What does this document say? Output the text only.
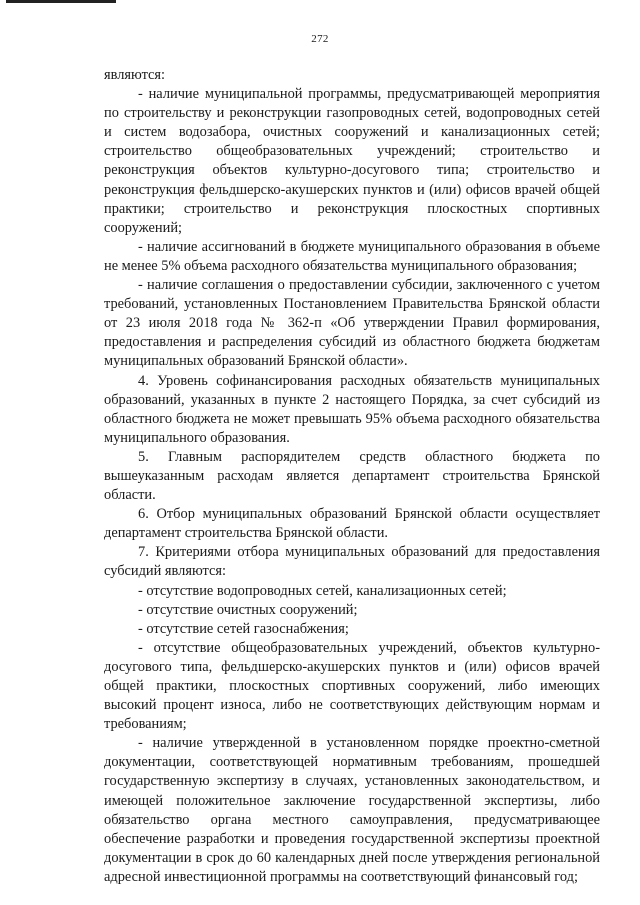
272

являются:

- наличие муниципальной программы, предусматривающей мероприятия по строительству и реконструкции газопроводных сетей, водопроводных сетей и систем водозабора, очистных сооружений и канализационных сетей; строительство общеобразовательных учреждений; строительство и реконструкция объектов культурно-досугового типа; строительство и реконструкция фельдшерско-акушерских пунктов и (или) офисов врачей общей практики; строительство и реконструкция плоскостных спортивных сооружений;

- наличие ассигнований в бюджете муниципального образования в объеме не менее 5% объема расходного обязательства муниципального образования;

- наличие соглашения о предоставлении субсидии, заключенного с учетом требований, установленных Постановлением Правительства Брянской области от 23 июля 2018 года № 362-п «Об утверждении Правил формирования, предоставления и распределения субсидий из областного бюджета бюджетам муниципальных образований Брянской области».

4. Уровень софинансирования расходных обязательств муниципальных образований, указанных в пункте 2 настоящего Порядка, за счет субсидий из областного бюджета не может превышать 95% объема расходного обязательства муниципального образования.

5. Главным распорядителем средств областного бюджета по вышеуказанным расходам является департамент строительства Брянской области.

6. Отбор муниципальных образований Брянской области осуществляет департамент строительства Брянской области.

7. Критериями отбора муниципальных образований для предоставления субсидий являются:

- отсутствие водопроводных сетей, канализационных сетей;

- отсутствие очистных сооружений;

- отсутствие сетей газоснабжения;

- отсутствие общеобразовательных учреждений, объектов культурно-досугового типа, фельдшерско-акушерских пунктов и (или) офисов врачей общей практики, плоскостных спортивных сооружений, либо имеющих высокий процент износа, либо не соответствующих действующим нормам и требованиям;

- наличие утвержденной в установленном порядке проектно-сметной документации, соответствующей нормативным требованиям, прошедшей государственную экспертизу в случаях, установленных законодательством, и имеющей положительное заключение государственной экспертизы, либо обязательство органа местного самоуправления, предусматривающее обеспечение разработки и проведения государственной экспертизы проектной документации в срок до 60 календарных дней после утверждения региональной адресной инвестиционной программы на соответствующий финансовый год;
